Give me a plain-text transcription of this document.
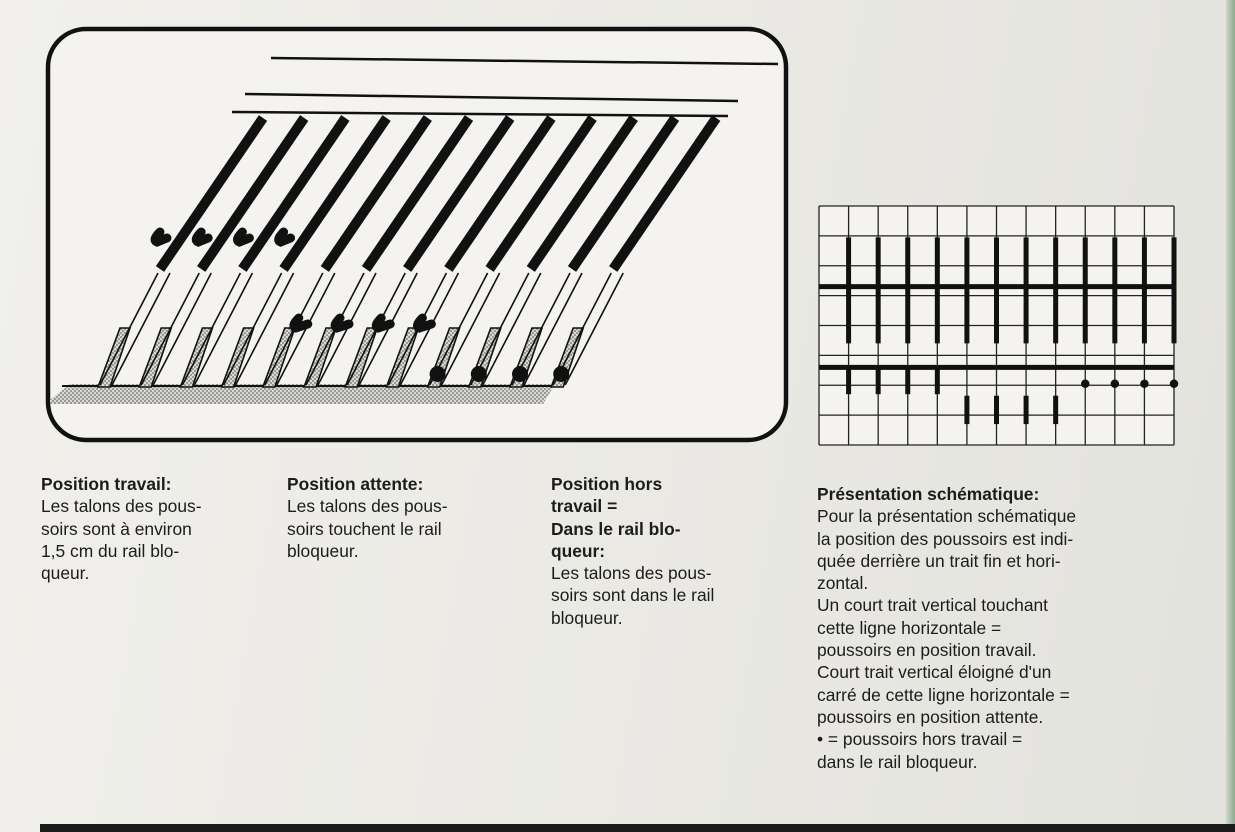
Position travail:
Les talons des pous-
soirs sont à environ
1,5 cm du rail blo-
queur.
Position attente:
Les talons des pous-
soirs touchent le rail
bloqueur.
Position hors
travail =
Dans le rail blo-
queur:
Les talons des pous-
soirs sont dans le rail
bloqueur.
Présentation schématique:
Pour la présentation schématique
la position des poussoirs est indi-
quée derrière un trait fin et hori-
zontal.
Un court trait vertical touchant
cette ligne horizontale =
poussoirs en position travail.
Court trait vertical éloigné d'un
carré de cette ligne horizontale =
poussoirs en position attente.
• = poussoirs hors travail =
dans le rail bloqueur.
